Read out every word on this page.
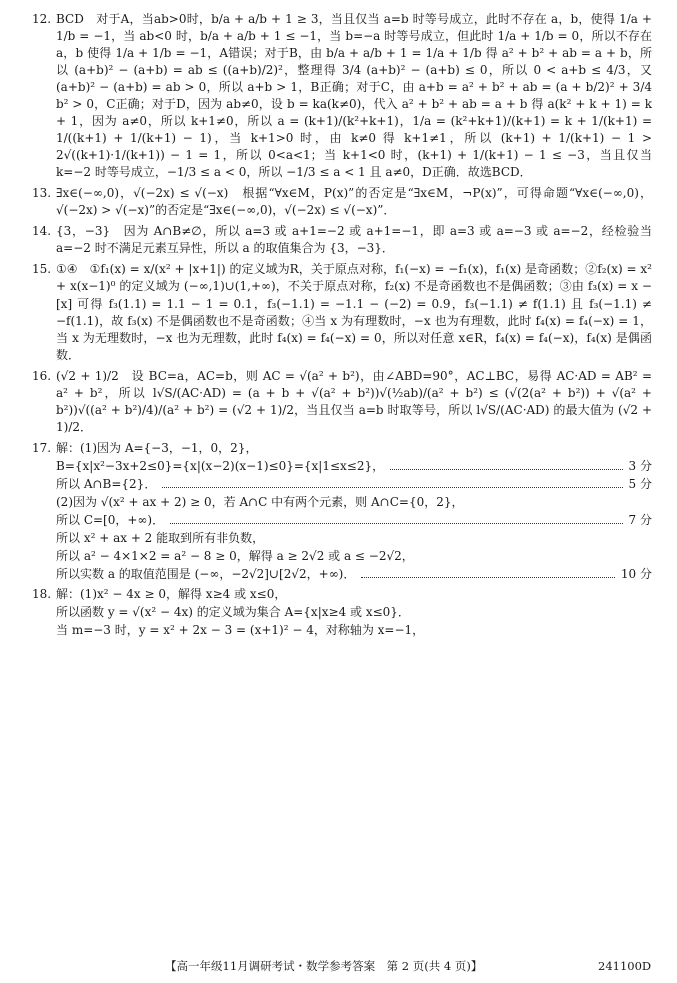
12. BCD　对于A，当ab>0时，b/a + a/b + 1 ≥ 3，当且仅当 a=b 时等号成立，此时不存在 a，b，使得 1/a + 1/b = −1，当 ab<0 时，b/a + a/b + 1 ≤ −1，当 b=−a 时等号成立，但此时 1/a + 1/b = 0，所以不存在 a，b 使得 1/a + 1/b = −1，A错误；对于B，由 b/a + a/b + 1 = 1/a + 1/b 得 a² + b² + ab = a + b，所以 (a+b)² − (a+b) = ab ≤ ((a+b)/2)²，整理得 3/4 (a+b)² − (a+b) ≤ 0，所以 0 < a+b ≤ 4/3，又 (a+b)² − (a+b) = ab > 0，所以 a+b > 1，B正确；对于C，由 a+b = a² + b² + ab = (a + b/2)² + 3/4 b² > 0，C正确；对于D，因为 ab≠0，设 b = ka(k≠0)，代入 a² + b² + ab = a + b 得 a(k² + k + 1) = k + 1，因为 a≠0，所以 k+1≠0，所以 a = (k+1)/(k²+k+1)，1/a = (k²+k+1)/(k+1) = k + 1/(k+1) = 1/((k+1) + 1/(k+1) − 1)，当 k+1>0 时，由 k≠0 得 k+1≠1，所以 (k+1) + 1/(k+1) − 1 > 2√((k+1)·1/(k+1)) − 1 = 1，所以 0<a<1；当 k+1<0 时，(k+1) + 1/(k+1) − 1 ≤ −3，当且仅当 k=−2 时等号成立，−1/3 ≤ a < 0，所以 −1/3 ≤ a < 1 且 a≠0，D正确．故选BCD．

13. ∃x∈(−∞,0)，√(−2x) ≤ √(−x)　根据“∀x∈M，P(x)”的否定是“∃x∈M，¬P(x)”，可得命题“∀x∈(−∞,0)，√(−2x) > √(−x)”的否定是“∃x∈(−∞,0)，√(−2x) ≤ √(−x)”．

14. {3，−3}　因为 A∩B≠∅，所以 a=3 或 a+1=−2 或 a+1=−1，即 a=3 或 a=−3 或 a=−2，经检验当 a=−2 时不满足元素互异性，所以 a 的取值集合为 {3，−3}．

15. ①④　①f₁(x) = x/(x² + |x+1|) 的定义域为R，关于原点对称，f₁(−x) = −f₁(x)，f₁(x) 是奇函数；②f₂(x) = x² + x(x−1)⁰ 的定义域为 (−∞,1)∪(1,+∞)，不关于原点对称，f₂(x) 不是奇函数也不是偶函数；③由 f₃(x) = x − [x] 可得 f₃(1.1) = 1.1 − 1 = 0.1，f₃(−1.1) = −1.1 − (−2) = 0.9，f₃(−1.1) ≠ f(1.1) 且 f₃(−1.1) ≠ −f(1.1)，故 f₃(x) 不是偶函数也不是奇函数；④当 x 为有理数时，−x 也为有理数，此时 f₄(x) = f₄(−x) = 1，当 x 为无理数时，−x 也为无理数，此时 f₄(x) = f₄(−x) = 0，所以对任意 x∈R，f₄(x) = f₄(−x)，f₄(x) 是偶函数．

16. (√2 + 1)/2　设 BC=a，AC=b，则 AC = √(a² + b²)，由∠ABD=90°，AC⊥BC，易得 AC·AD = AB² = a² + b²，所以 l√S/(AC·AD) = (a + b + √(a² + b²))√(½ab)/(a² + b²) ≤ (√(2(a² + b²)) + √(a² + b²))√((a² + b²)/4)/(a² + b²) = (√2 + 1)/2，当且仅当 a=b 时取等号，所以 l√S/(AC·AD) 的最大值为 (√2 + 1)/2．

17. 解：(1)因为 A={−3，−1，0，2}，
B={x|x²−3x+2≤0}={x|(x−2)(x−1)≤0}={x|1≤x≤2}，	3 分
所以 A∩B={2}．	5 分
(2)因为 √(x² + ax + 2) ≥ 0，若 A∩C 中有两个元素，则 A∩C={0，2}，
所以 C=[0，+∞)．	7 分
所以 x² + ax + 2 能取到所有非负数，
所以 a² − 4×1×2 = a² − 8 ≥ 0，解得 a ≥ 2√2 或 a ≤ −2√2，
所以实数 a 的取值范围是 (−∞，−2√2]∪[2√2，+∞)．	10 分
18. 解：(1)x² − 4x ≥ 0，解得 x≥4 或 x≤0，
所以函数 y = √(x² − 4x) 的定义域为集合 A={x|x≥4 或 x≤0}．
当 m=−3 时，y = x² + 2x − 3 = (x+1)² − 4，对称轴为 x=−1，
【高一年级11月调研考试・数学参考答案　第 2 页(共 4 页)】	241100D
